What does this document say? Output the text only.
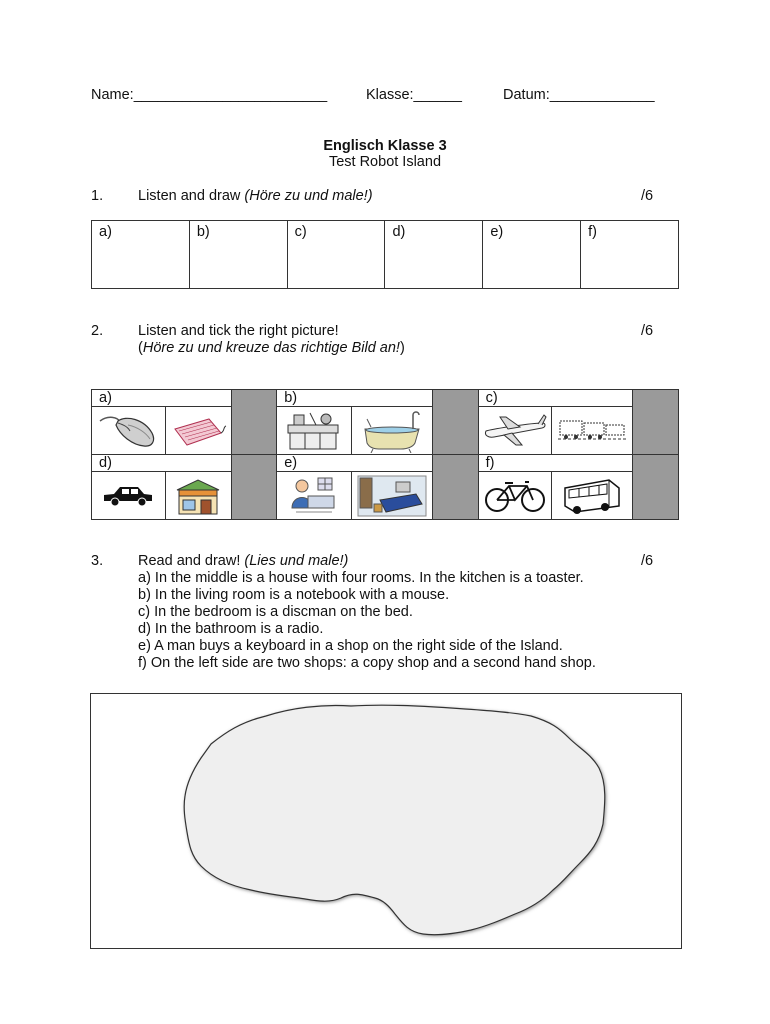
Name:________________________	Klasse:______	Datum:_____________
Englisch Klasse 3
Test Robot Island
1. Listen and draw (Höre zu und male!)	/6
a)	b)	c)	d)	e)	f)
2. Listen and tick the right picture!
(Höre zu und kreuze das richtige Bild an!)
/6
a)			b)			c)		

d)			e)			f)		

3. Read and draw! (Lies und male!)	/6
a) In the middle is a house with four rooms. In the kitchen is a toaster.
b) In the living room is a notebook with a mouse.
c) In the bedroom is a discman on the bed.
d) In the bathroom is a radio.
e) A man buys a keyboard in a shop on the right side of the Island.
f) On the left side are two shops: a copy shop and a second hand shop.
